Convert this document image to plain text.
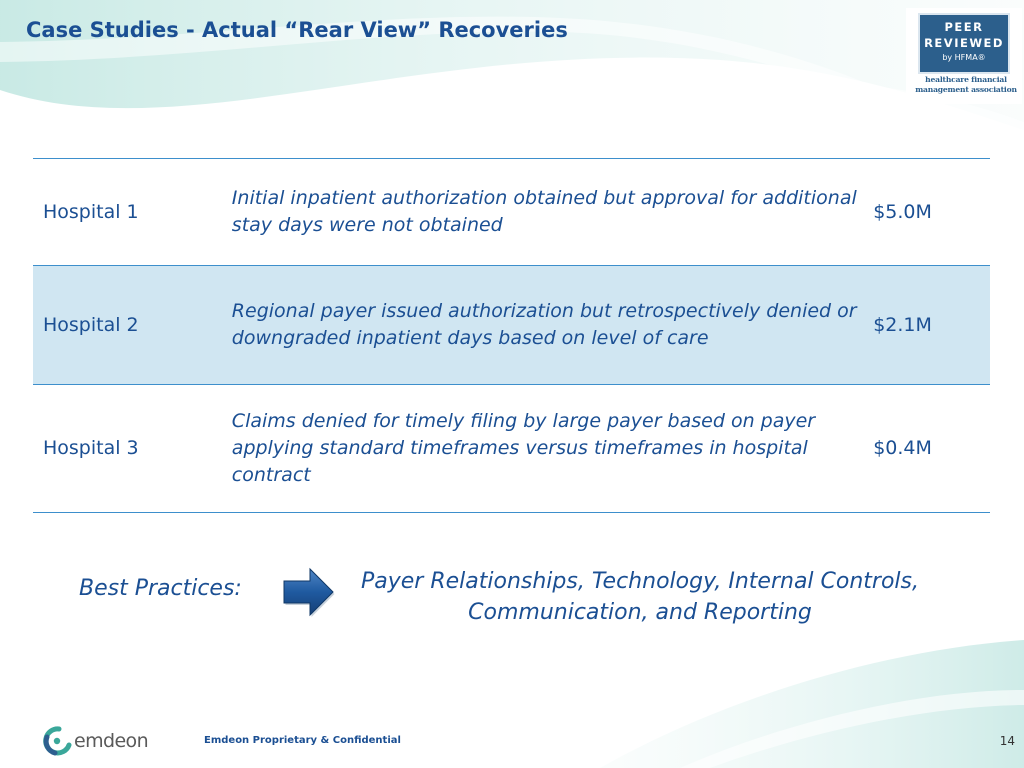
Case Studies - Actual “Rear View” Recoveries	PEER
REVIEWED
by HFMA®
healthcare financial
management association
Hospital 1	Initial inpatient authorization obtained but approval for additional stay days were not obtained	$5.0M
Hospital 2	Regional payer issued authorization but retrospectively denied or downgraded inpatient days based on level of care	$2.1M
Hospital 3	Claims denied for timely filing by large payer based on payer applying standard timeframes versus timeframes in hospital contract	$0.4M
Best Practices:	Payer Relationships, Technology, Internal Controls,
Communication, and Reporting
emdeon	Emdeon Proprietary & Confidential	14
